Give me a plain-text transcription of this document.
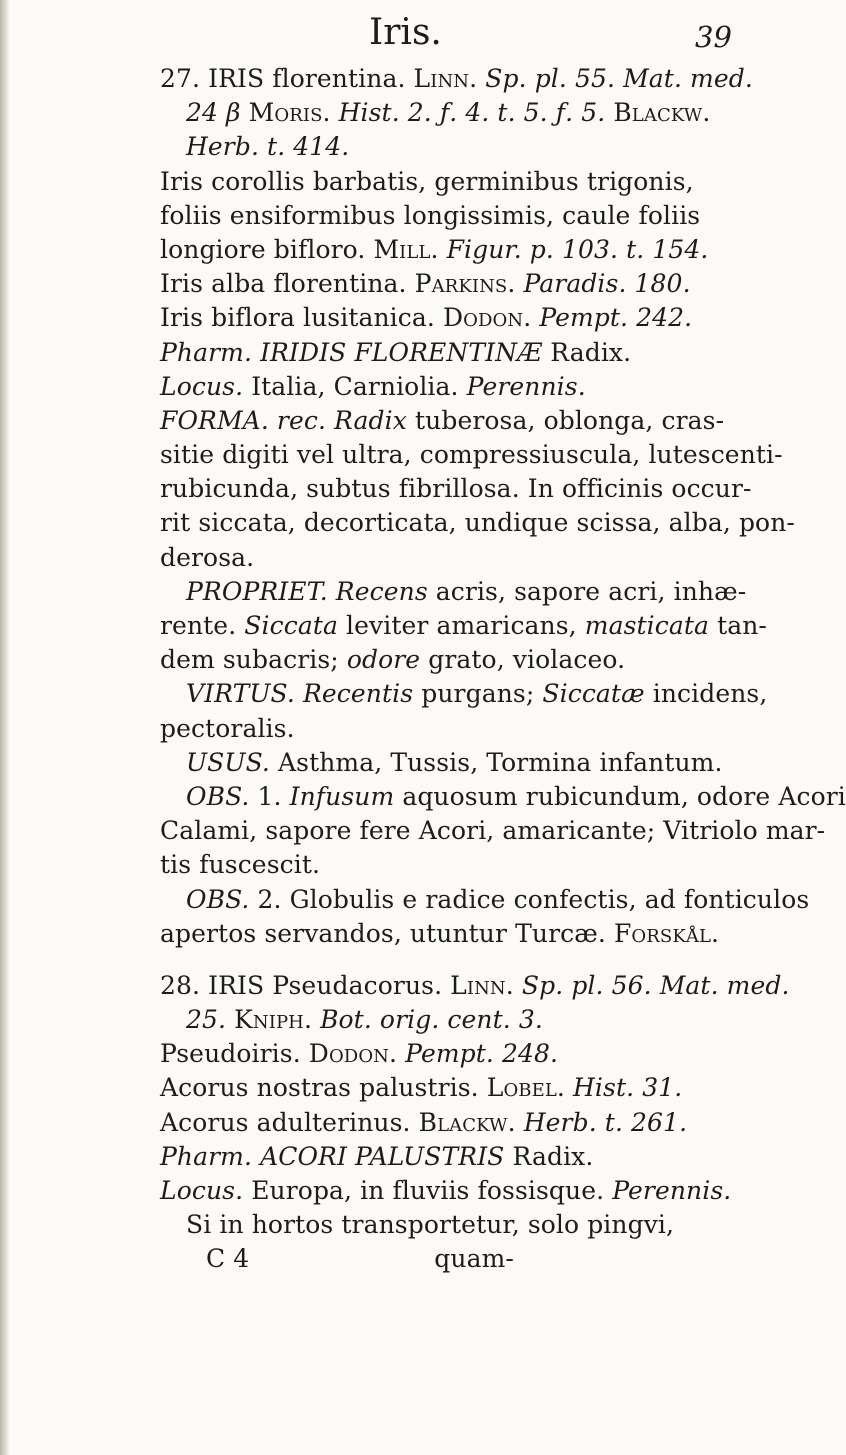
Iris.	39
27. IRIS florentina. Linn. Sp. pl. 55. Mat. med.
24 β Moris. Hist. 2. ƒ. 4. t. 5. ƒ. 5. Blackw.
Herb. t. 414.
Iris corollis barbatis, germinibus trigonis,
foliis ensiformibus longissimis, caule foliis
longiore bifloro. Mill. Figur. p. 103. t. 154.
Iris alba florentina. Parkins. Paradis. 180.
Iris biflora lusitanica. Dodon. Pempt. 242.
Pharm. IRIDIS FLORENTINÆ Radix.
Locus. Italia, Carniolia. Perennis.
FORMA. rec. Radix tuberosa, oblonga, cras-
sitie digiti vel ultra, compressiuscula, lutescenti-
rubicunda, subtus fibrillosa. In officinis occur-
rit siccata, decorticata, undique scissa, alba, pon-
derosa.
PROPRIET. Recens acris, sapore acri, inhæ-
rente. Siccata leviter amaricans, masticata tan-
dem subacris; odore grato, violaceo.
VIRTUS. Recentis purgans; Siccatæ incidens,
pectoralis.
USUS. Asthma, Tussis, Tormina infantum.
OBS. 1. Infusum aquosum rubicundum, odore Acori
Calami, sapore fere Acori, amaricante; Vitriolo mar-
tis fuscescit.
OBS. 2. Globulis e radice confectis, ad fonticulos
apertos servandos, utuntur Turcæ. Forskål.
28. IRIS Pseudacorus. Linn. Sp. pl. 56. Mat. med.
25. Kniph. Bot. orig. cent. 3.
Pseudoiris. Dodon. Pempt. 248.
Acorus nostras palustris. Lobel. Hist. 31.
Acorus adulterinus. Blackw. Herb. t. 261.
Pharm. ACORI PALUSTRIS Radix.
Locus. Europa, in fluviis fossisque. Perennis.
Si in hortos transportetur, solo pingvi,
C 4	quam-
